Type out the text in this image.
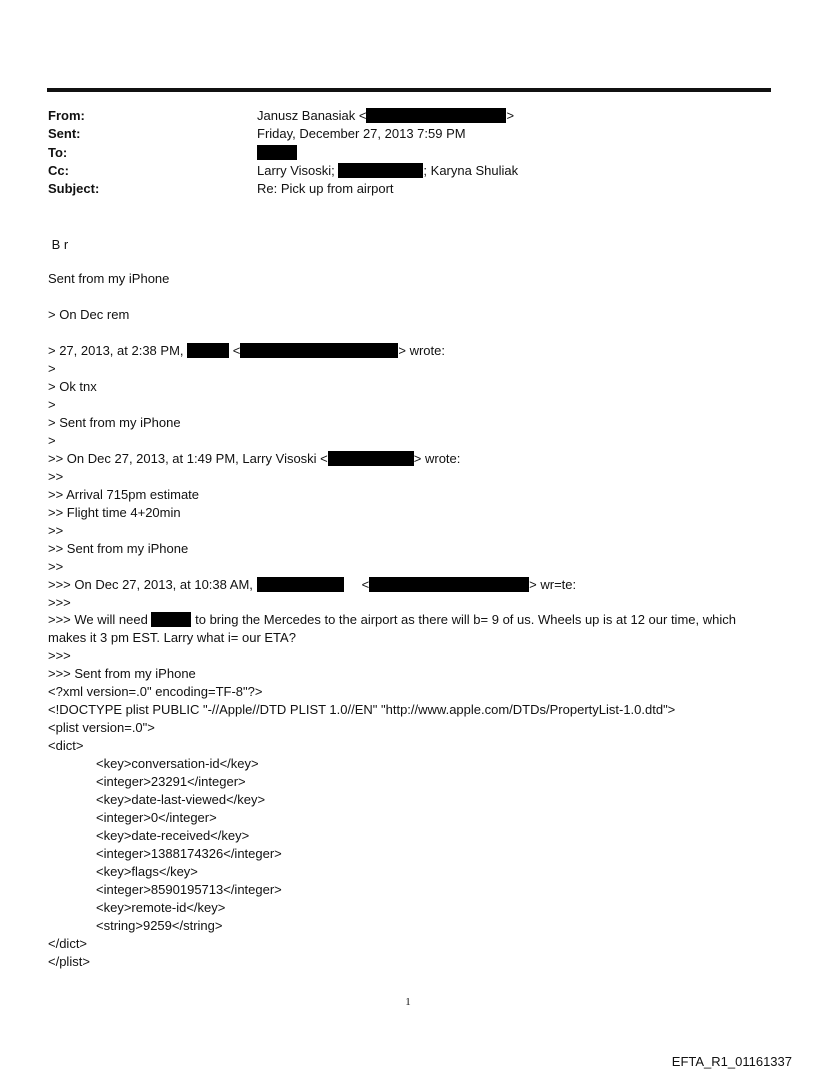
From:	Janusz Banasiak <	>
Sent:	Friday, December 27, 2013 7:59 PM
To:
Cc:	Larry Visoski;	; Karyna Shuliak
Subject:	Re: Pick up from airport
B r
Sent from my iPhone
> On Dec rem
> 27, 2013, at 2:38 PM,	<	> wrote:
>
> Ok tnx
>
> Sent from my iPhone
>
>> On Dec 27, 2013, at 1:49 PM, Larry Visoski <	> wrote:
>>
>> Arrival 715pm estimate
>> Flight time 4+20min
>>
>> Sent from my iPhone
>>
>>> On Dec 27, 2013, at 10:38 AM,	<	> wr=te:
>>>
>>> We will need	to bring the Mercedes to the airport as there will b= 9 of us. Wheels up is at 12 our time, which makes it 3 pm EST. Larry what i= our ETA?
>>>
>>> Sent from my iPhone
<?xml version=.0" encoding=TF-8"?>
<!DOCTYPE plist PUBLIC "-//Apple//DTD PLIST 1.0//EN" "http://www.apple.com/DTDs/PropertyList-1.0.dtd">
<plist version=.0">
<dict>
<key>conversation-id</key>
<integer>23291</integer>
<key>date-last-viewed</key>
<integer>0</integer>
<key>date-received</key>
<integer>1388174326</integer>
<key>flags</key>
<integer>8590195713</integer>
<key>remote-id</key>
<string>9259</string>
</dict>
</plist>
1
EFTA_R1_01161337
